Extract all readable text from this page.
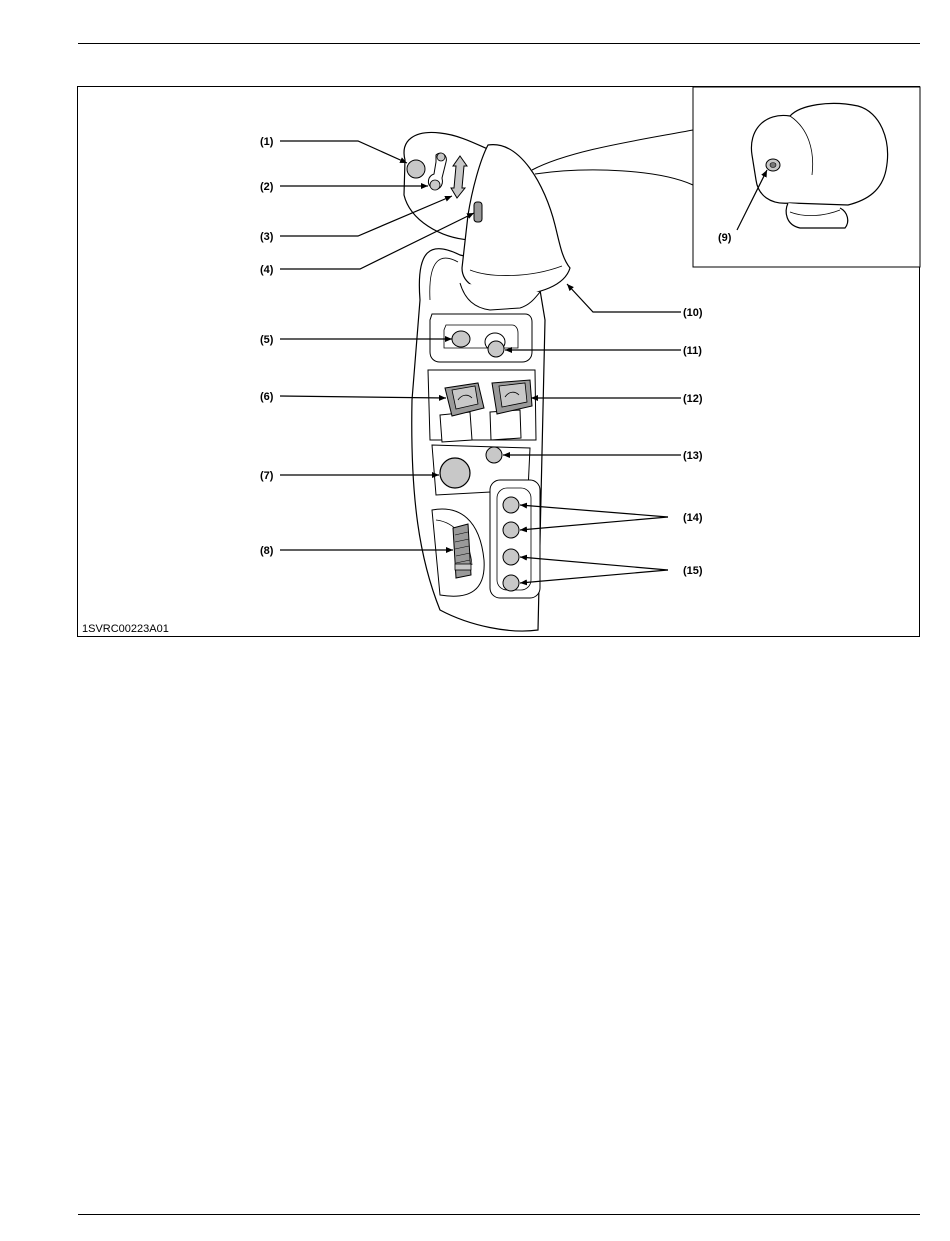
(1)
(2)
(3)
(4)
(5)
(6)
(7)
(8)
(9)
(10)
(11)
(12)
(13)
(14)
(15)
1SVRC00223A01
